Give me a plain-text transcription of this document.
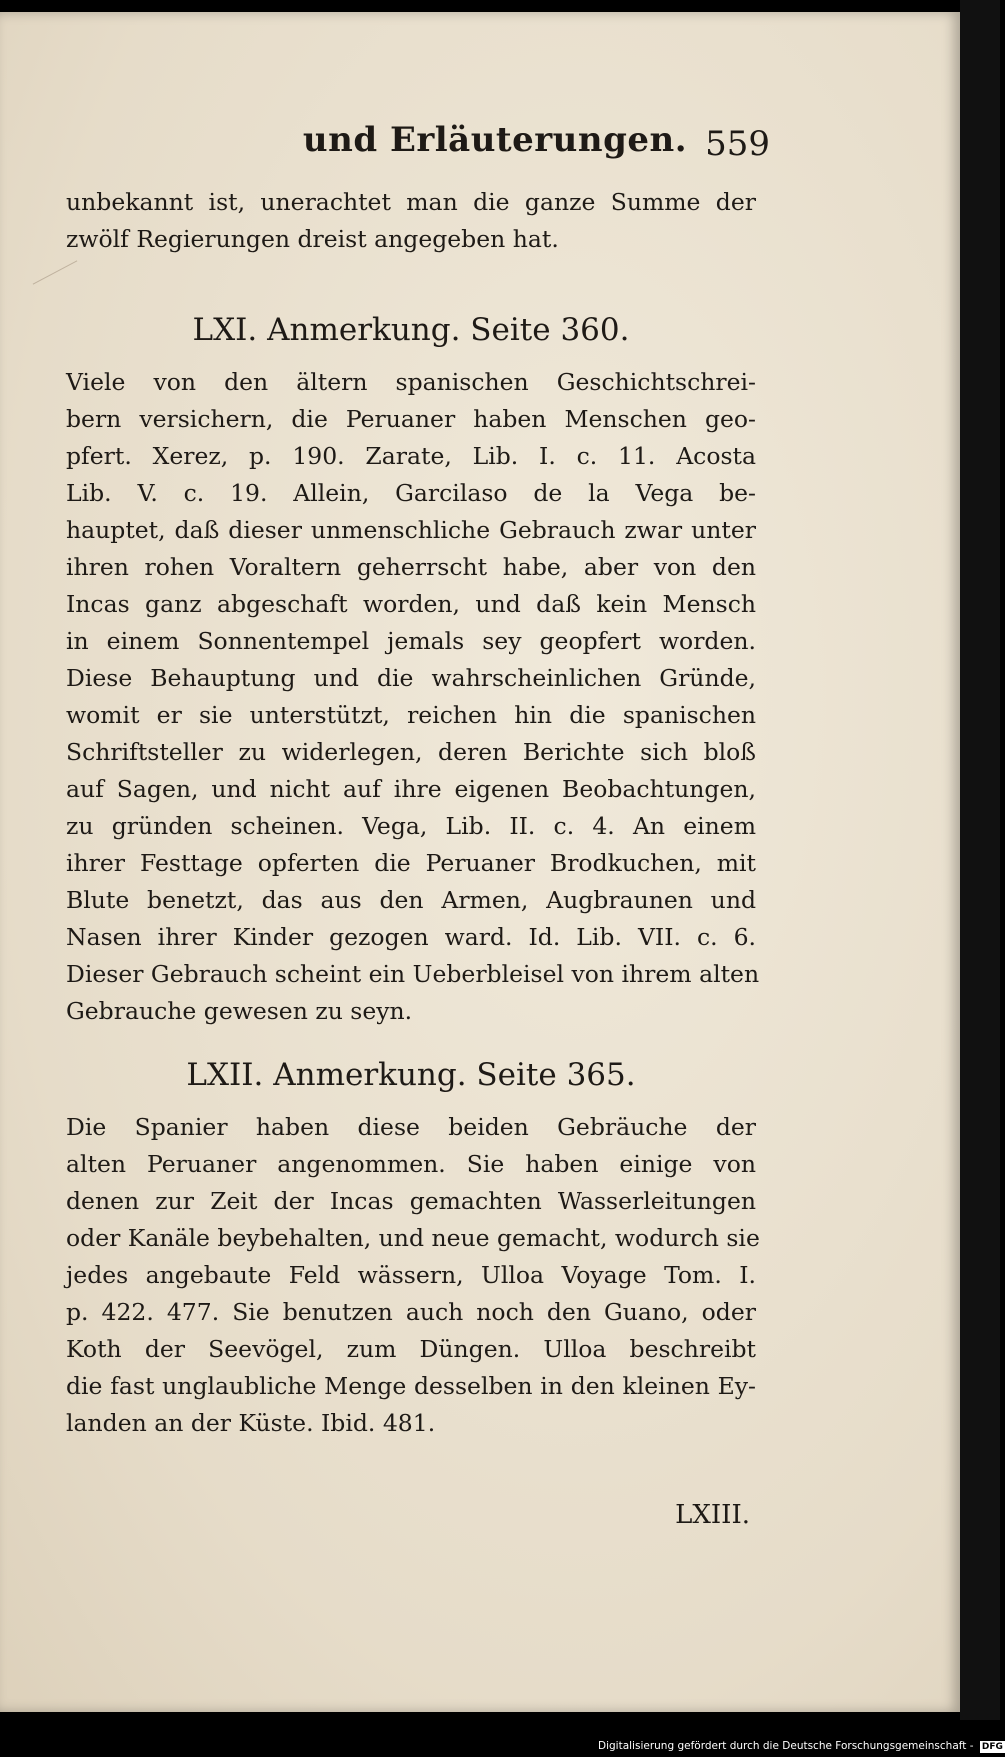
und Erläuterungen. 559
unbekannt ist, unerachtet man die ganze Summe der
zwölf Regierungen dreist angegeben hat.
LXI. Anmerkung. Seite 360.
Viele von den ältern spanischen Geschichtschrei-
bern versichern, die Peruaner haben Menschen geo-
pfert. Xerez, p. 190. Zarate, Lib. I. c. 11. Acosta
Lib. V. c. 19. Allein, Garcilaso de la Vega be-
hauptet, daß dieser unmenschliche Gebrauch zwar unter
ihren rohen Voraltern geherrscht habe, aber von den
Incas ganz abgeschaft worden, und daß kein Mensch
in einem Sonnentempel jemals sey geopfert worden.
Diese Behauptung und die wahrscheinlichen Gründe,
womit er sie unterstützt, reichen hin die spanischen
Schriftsteller zu widerlegen, deren Berichte sich bloß
auf Sagen, und nicht auf ihre eigenen Beobachtungen,
zu gründen scheinen. Vega, Lib. II. c. 4. An einem
ihrer Festtage opferten die Peruaner Brodkuchen, mit
Blute benetzt, das aus den Armen, Augbraunen und
Nasen ihrer Kinder gezogen ward. Id. Lib. VII. c. 6.
Dieser Gebrauch scheint ein Ueberbleisel von ihrem alten
Gebrauche gewesen zu seyn.
LXII. Anmerkung. Seite 365.
Die Spanier haben diese beiden Gebräuche der
alten Peruaner angenommen. Sie haben einige von
denen zur Zeit der Incas gemachten Wasserleitungen
oder Kanäle beybehalten, und neue gemacht, wodurch sie
jedes angebaute Feld wässern, Ulloa Voyage Tom. I.
p. 422. 477. Sie benutzen auch noch den Guano, oder
Koth der Seevögel, zum Düngen. Ulloa beschreibt
die fast unglaubliche Menge desselben in den kleinen Ey-
landen an der Küste. Ibid. 481.
LXIII.
Digitalisierung gefördert durch die Deutsche Forschungsgemeinschaft - DFG
